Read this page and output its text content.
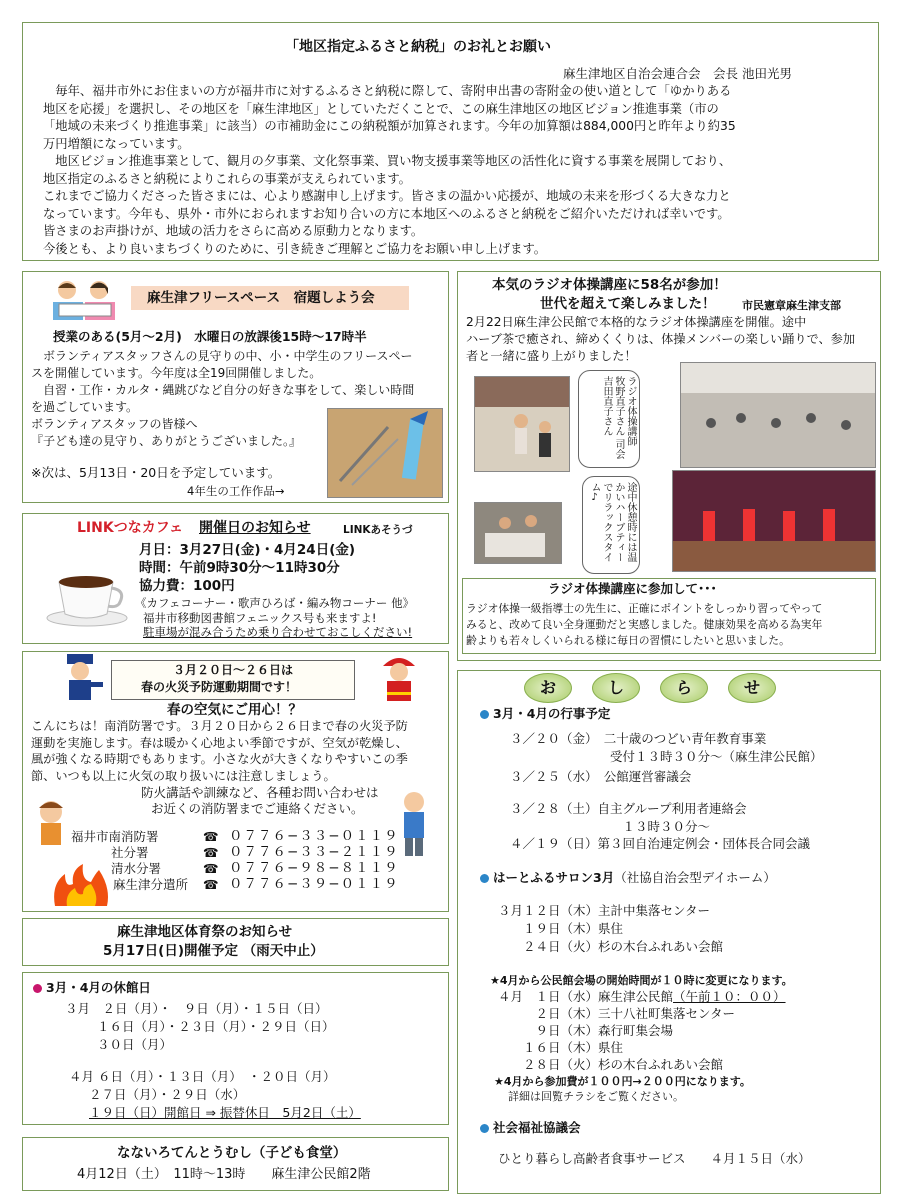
「地区指定ふるさと納税」のお礼とお願い
麻生津地区自治会連合会　会長 池田光男
　毎年、福井市外にお住まいの方が福井市に対するふるさと納税に際して、寄附申出書の寄附金の使い道として「ゆかりある
地区を応援」を選択し、その地区を「麻生津地区」としていただくことで、この麻生津地区の地区ビジョン推進事業（市の
「地域の未来づくり推進事業」に該当）の市補助金にこの納税額が加算されます。今年の加算額は884,000円と昨年より約35
万円増額になっています。
　地区ビジョン推進事業として、観月の夕事業、文化祭事業、買い物支援事業等地区の活性化に資する事業を展開しており、
地区指定のふるさと納税によりこれらの事業が支えられています。
これまでご協力くださった皆さまには、心より感謝申し上げます。皆さまの温かい応援が、地域の未来を形づくる大きな力と
なっています。今年も、県外・市外におられますお知り合いの方に本地区へのふるさと納税をご紹介いただければ幸いです。
皆さまのお声掛けが、地域の活力をさらに高める原動力となります。
今後とも、より良いまちづくりのために、引き続きご理解とご協力をお願い申し上げます。
麻生津フリースペース　宿題しよう会
授業のある(5月～2月)　水曜日の放課後15時～17時半
※次は、5月13日・20日を予定しています。
4年生の工作作品→
　ボランティアスタッフさんの見守りの中、小・中学生のフリースペー
スを開催しています。今年度は全19回開催しました。
　自習・工作・カルタ・縄跳びなど自分の好きな事をして、楽しい時間
を過ごしています。
ボランティアスタッフの皆様へ
『子ども達の見守り、ありがとうございました。』
LINKつなカフェ 開催日のお知らせ	LINKあそうづ
月日：3月27日(金)・4月24日(金)
時間：午前9時30分～11時30分
協力費：100円
《カフェコーナー・歌声ひろば・編み物コーナー 他》
福井市移動図書館フェニックス号も来ますよ!
駐車場が混み合うため乗り合わせておこしください!
３月２０日～２６日は
春の火災予防運動期間です！
春の空気にご用心！？
防火講話や訓練など、各種お問い合わせは
お近くの消防署までご連絡ください。
こんにちは！南消防署です。３月２０日から２６日まで春の火災予防
運動を実施します。春は暖かく心地よい季節ですが、空気が乾燥し、
風が強くなる時期でもあります。小さな火が大きくなりやすいこの季
節、いつも以上に火気の取り扱いには注意しましょう。
福井市南消防署	☎ ０７７６−３３−０１１９
社分署	☎ ０７７６−３３−２１１９
清水分署	☎ ０７７６−９８−８１１９
麻生津分遣所 ☎ ０７７６−３９−０１１９
麻生津地区体育祭のお知らせ
5月17日(日)開催予定 （雨天中止）
3月・4月の休館日
３月　２日（月）・　９日（月）・１５日（日）
１６日（月）・２３日（月）・２９日（日）
３０日（月）
４月 ６日（月）・１３日（月）　・２０日（月）
２７日（月）・２９日（水）
１９日（日）開館日 ⇒ 振替休日　5月2日（土）
なないろてんとうむし（子ども食堂）
4月12日（土）　11時～13時　　麻生津公民館2階
本気のラジオ体操講座に58名が参加！
世代を超えて楽しみました！ 市民憲章麻生津支部
ラジオ体操講師　牧野直子さん 司会　吉田直子さん
途中休憩時には温かいハーブティーでリラックスタイム♪
ラジオ体操講座に参加して･･･
2月22日麻生津公民館で本格的なラジオ体操講座を開催。途中
ハーブ茶で癒され、締めくくりは、体操メンバーの楽しい踊りで、参加
者と一緒に盛り上がりました！
ラジオ体操一級指導士の先生に、正確にポイントをしっかり習ってやって
みると、改めて良い全身運動だと実感しました。健康効果を高める為実年
齢よりも若々しくいられる様に毎日の習慣にしたいと思いました。
お	し	ら	せ
3月・4月の行事予定
３／２０（金）　二十歳のつどい青年教育事業
　　　　　　　　受付１３時３０分～（麻生津公民館）
３／２５（水）　公館運営審議会
３／２８（土）自主グループ利用者連絡会
　　　　　　　　　１３時３０分～
４／１９（日）第３回自治連定例会・団体長合同会議
はーとふるサロン3月（社協自治会型デイホーム）
３月１２日（木）主計中集落センター
　　１９日（木）県住
　　２４日（火）杉の木台ふれあい会館
★4月から公民館会場の開始時間が１０時に変更になります。
４月　１日（水）麻生津公民館（午前１０：００）
　　　２日（木）三十八社町集落センター
　　　９日（木）森行町集会場
　　１６日（木）県住
　　２８日（火）杉の木台ふれあい会館
★4月から参加費が１００円→２００円になります。
詳細は回覧チラシをご覧ください。
社会福祉協議会
ひとり暮らし高齢者食事サービス　　４月１５日（水）
